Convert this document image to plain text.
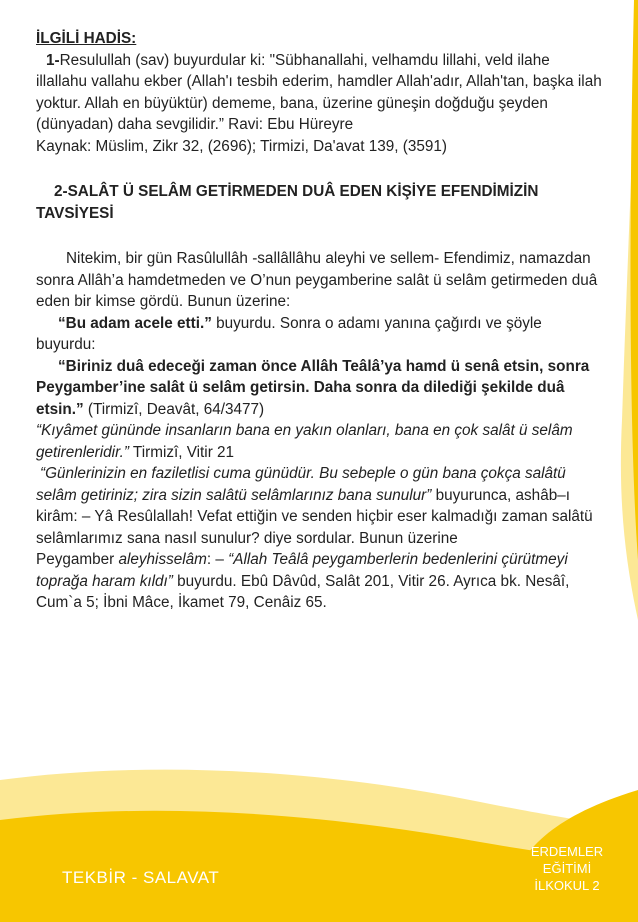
İLGİLİ HADİS:

1-Resulullah (sav) buyurdular ki: "Sübhanallahi, velhamdu lillahi, veld ilahe illallahu vallahu ekber (Allah'ı tesbih ederim, hamdler Allah'adır, Allah'tan, başka ilah yoktur. Allah en büyüktür) dememe, bana, üzerine güneşin doğduğu şeyden (dünyadan) daha sevgilidir.” Ravi: Ebu Hüreyre

Kaynak: Müslim, Zikr 32, (2696); Tirmizi, Da'avat 139, (3591)

2-SALÂT Ü SELÂM GETİRMEDEN DUÂ EDEN KİŞİYE EFENDİMİZİN TAVSİYESİ

Nitekim, bir gün Rasûlullâh -sallâllâhu aleyhi ve sellem- Efendimiz, namazdan sonra Allâh’a hamdetmeden ve O’nun peygamberine salât ü selâm getirmeden duâ eden bir kimse gördü. Bunun üzerine:

“Bu adam acele etti.” buyurdu. Sonra o adamı yanına çağırdı ve şöyle buyurdu:

“Biriniz duâ edeceği zaman önce Allâh Teâlâ’ya hamd ü senâ etsin, sonra Peygamber’ine salât ü selâm getirsin. Daha sonra da dilediği şekilde duâ etsin.” (Tirmizî, Deavât, 64/3477)

“Kıyâmet gününde insanların bana en yakın olanları, bana en çok salât ü selâm getirenleridir.” Tirmizî, Vitir 21

“Günlerinizin en faziletlisi cuma günüdür. Bu sebeple o gün bana çokça salâtü selâm getiriniz; zira sizin salâtü selâmlarınız bana sunulur” buyurunca, ashâb–ı kirâm: – Yâ Resûlallah! Vefat ettiğin ve senden hiçbir eser kalmadığı zaman salâtü selâmlarımız sana nasıl sunulur? diye sordular. Bunun üzerine

Peygamber aleyhisselâm: – “Allah Teâlâ peygamberlerin bedenlerini çürütmeyi toprağa haram kıldı” buyurdu. Ebû Dâvûd, Salât 201, Vitir 26. Ayrıca bk. Nesâî, Cum`a 5; İbni Mâce, İkamet 79, Cenâiz 65.

TEKBİR - SALAVAT
ERDEMLER
EĞİTİMİ
İLKOKUL 2
